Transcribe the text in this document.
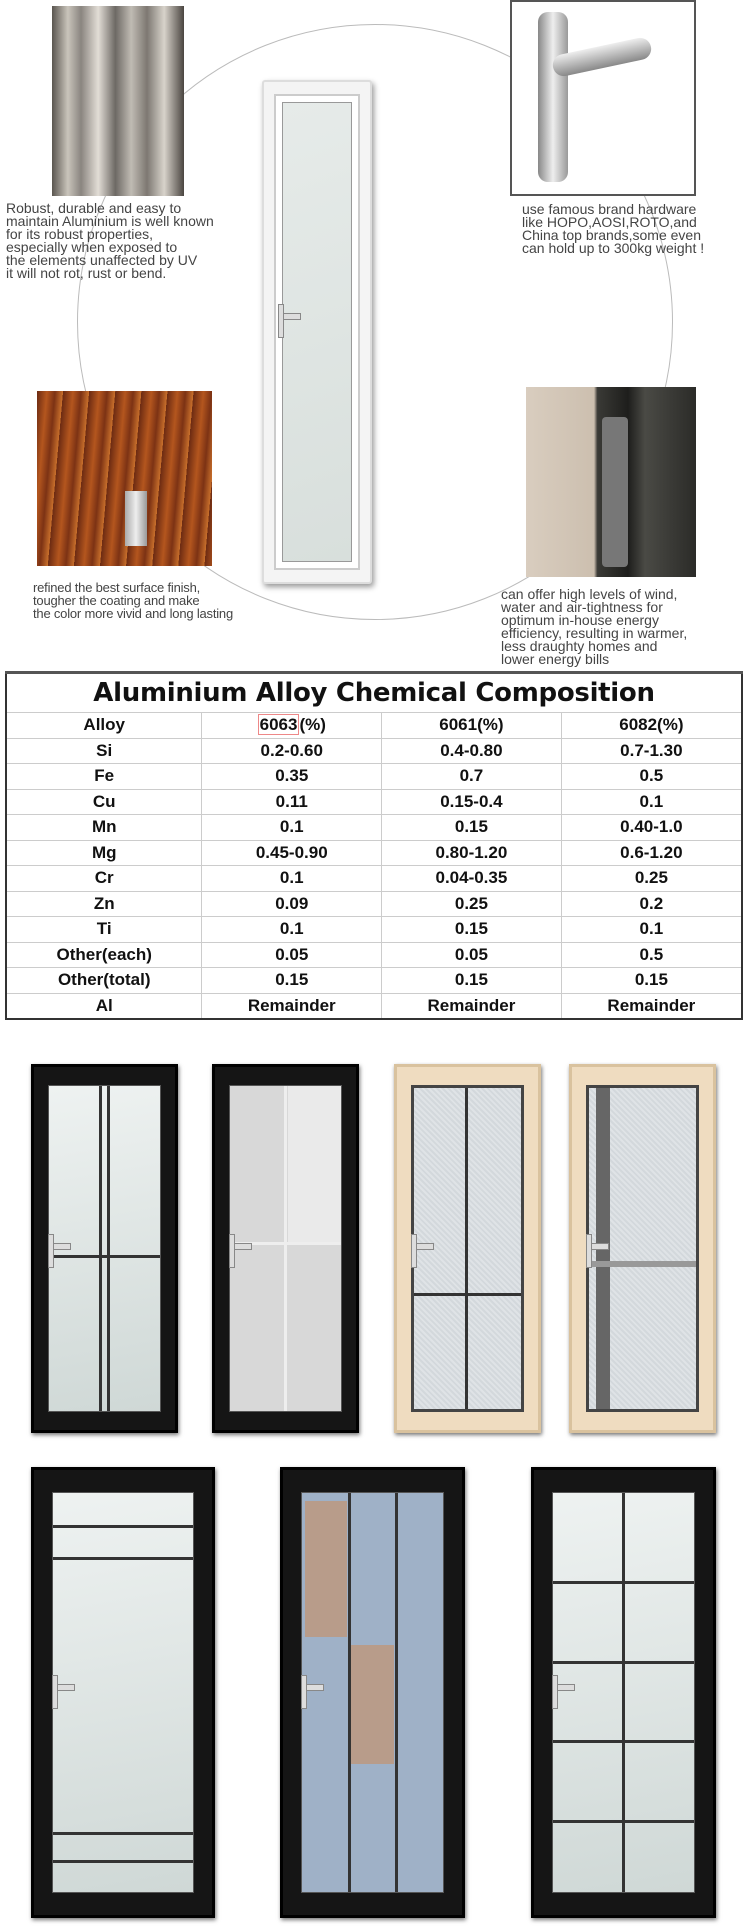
Robust, durable and easy to
maintain Aluminium is well known
for its robust properties,
especially when exposed to
the elements unaffected by UV
it will not rot, rust or bend.
use famous brand hardware
like HOPO,AOSI,ROTO,and
China top brands,some even
can hold up to 300kg weight !
refined the best surface finish,
tougher the coating and make
the color more vivid and long lasting
can offer high levels of wind,
water and air-tightness for
optimum in-house energy
efficiency, resulting in warmer,
less draughty homes and
lower energy bills
Aluminium Alloy Chemical Composition			
Alloy	6063 (%)	6061(%)	6082(%)
Si	0.2-0.60	0.4-0.80	0.7-1.30
Fe	0.35	0.7	0.5
Cu	0.11	0.15-0.4	0.1
Mn	0.1	0.15	0.40-1.0
Mg	0.45-0.90	0.80-1.20	0.6-1.20
Cr	0.1	0.04-0.35	0.25
Zn	0.09	0.25	0.2
Ti	0.1	0.15	0.1
Other(each)	0.05	0.05	0.5
Other(total)	0.15	0.15	0.15
Al	Remainder	Remainder	Remainder
